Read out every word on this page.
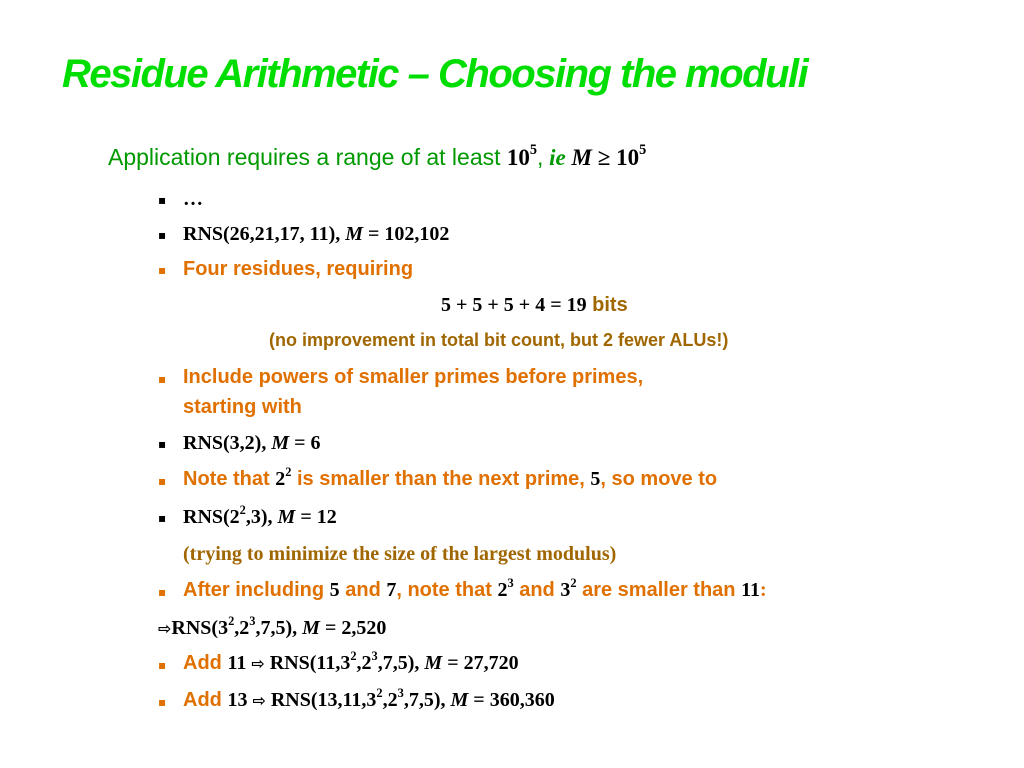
Residue Arithmetic – Choosing the moduli
Application requires a range of at least $10^5$, ie $M \ge 10^5$
▪ …
▪ RNS(26,21,17, 11), M = 102,102
▪ Four residues, requiring
5 + 5 + 5 + 4 = 19 bits
(no improvement in total bit count, but 2 fewer ALUs!)
▪ Include powers of smaller primes before primes,
starting with
▪ RNS(3,2), M = 6
▪ Note that $2^2$ is smaller than the next prime, 5, so move to
▪ $RNS(2^2,3)$, M = 12
(trying to minimize the size of the largest modulus)
▪ After including 5 and 7, note that $2^3$ and $3^2$ are smaller than 11:
$⇨RNS(3^2,2^3,7,5)$, M = 2,520
▪ Add 11 ⇨ $RNS(11,3^2,2^3,7,5)$, M = 27,720
▪ Add 13 ⇨ $RNS(13,11,3^2,2^3,7,5)$, M = 360,360
